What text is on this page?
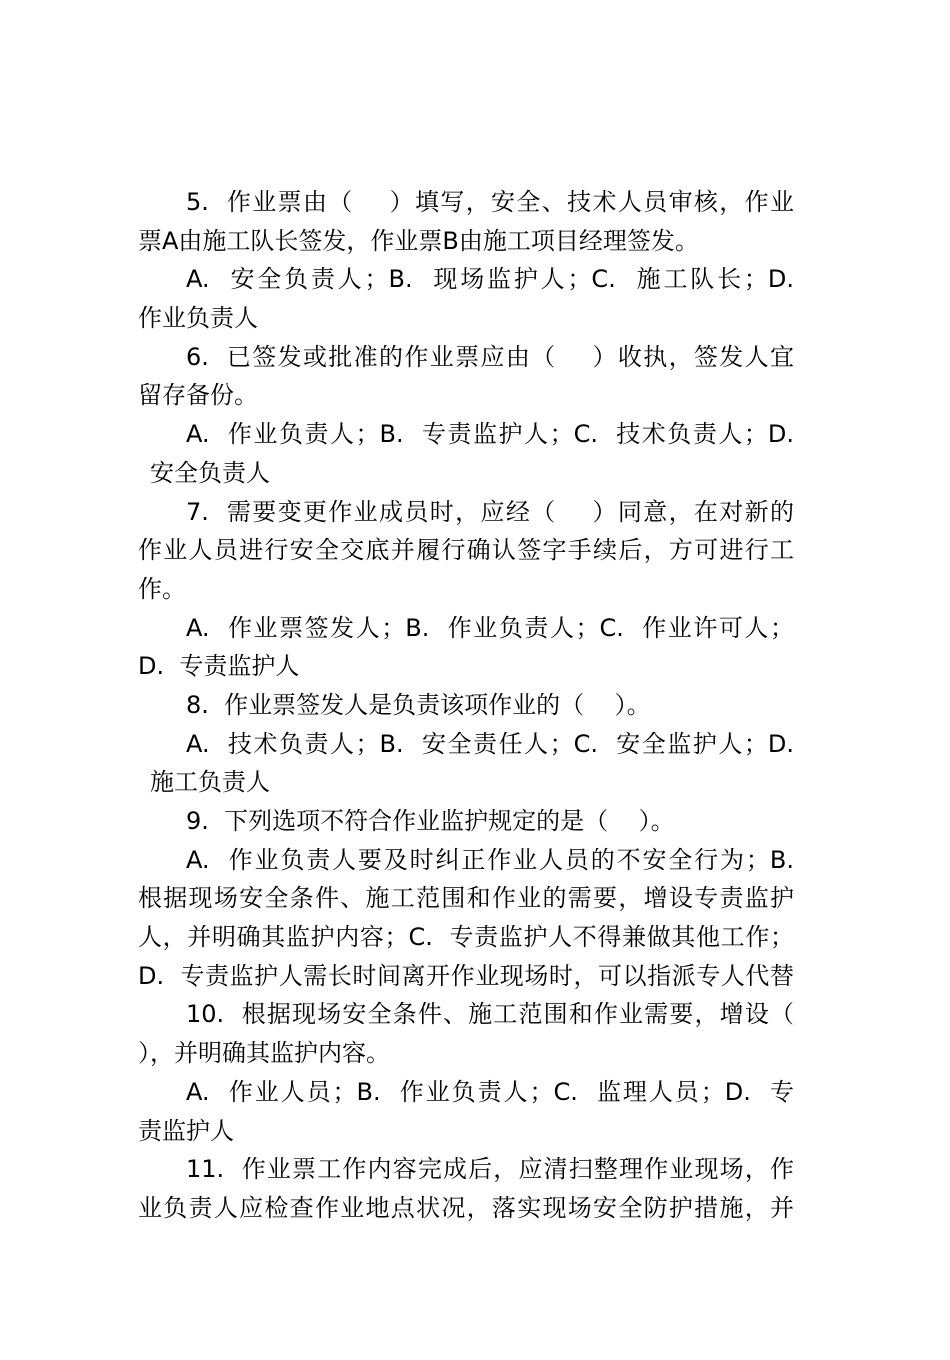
5.  作业票由（    ）填写，安全、技术人员审核，作业
票A由施工队长签发，作业票B由施工项目经理签发。
A.  安全负责人；B.  现场监护人；C.  施工队长；D.
作业负责人
6.  已签发或批准的作业票应由（    ）收执，签发人宜
留存备份。
A.  作业负责人；B.  专责监护人；C.  技术负责人；D.
安全负责人
7.  需要变更作业成员时，应经（    ）同意，在对新的
作业人员进行安全交底并履行确认签字手续后，方可进行工
作。
A.  作业票签发人；B.  作业负责人；C.  作业许可人；
D.  专责监护人
8.  作业票签发人是负责该项作业的（    ）。
A.  技术负责人；B.  安全责任人；C.  安全监护人；D.
施工负责人
9.  下列选项不符合作业监护规定的是（    ）。
A.  作业负责人要及时纠正作业人员的不安全行为；B.
根据现场安全条件、施工范围和作业的需要，增设专责监护
人，并明确其监护内容；C.  专责监护人不得兼做其他工作；
D.  专责监护人需长时间离开作业现场时，可以指派专人代替
10.  根据现场安全条件、施工范围和作业需要，增设（
），并明确其监护内容。
A.  作业人员；B.  作业负责人；C.  监理人员；D.  专
责监护人
11.  作业票工作内容完成后，应清扫整理作业现场，作
业负责人应检查作业地点状况，落实现场安全防护措施，并
